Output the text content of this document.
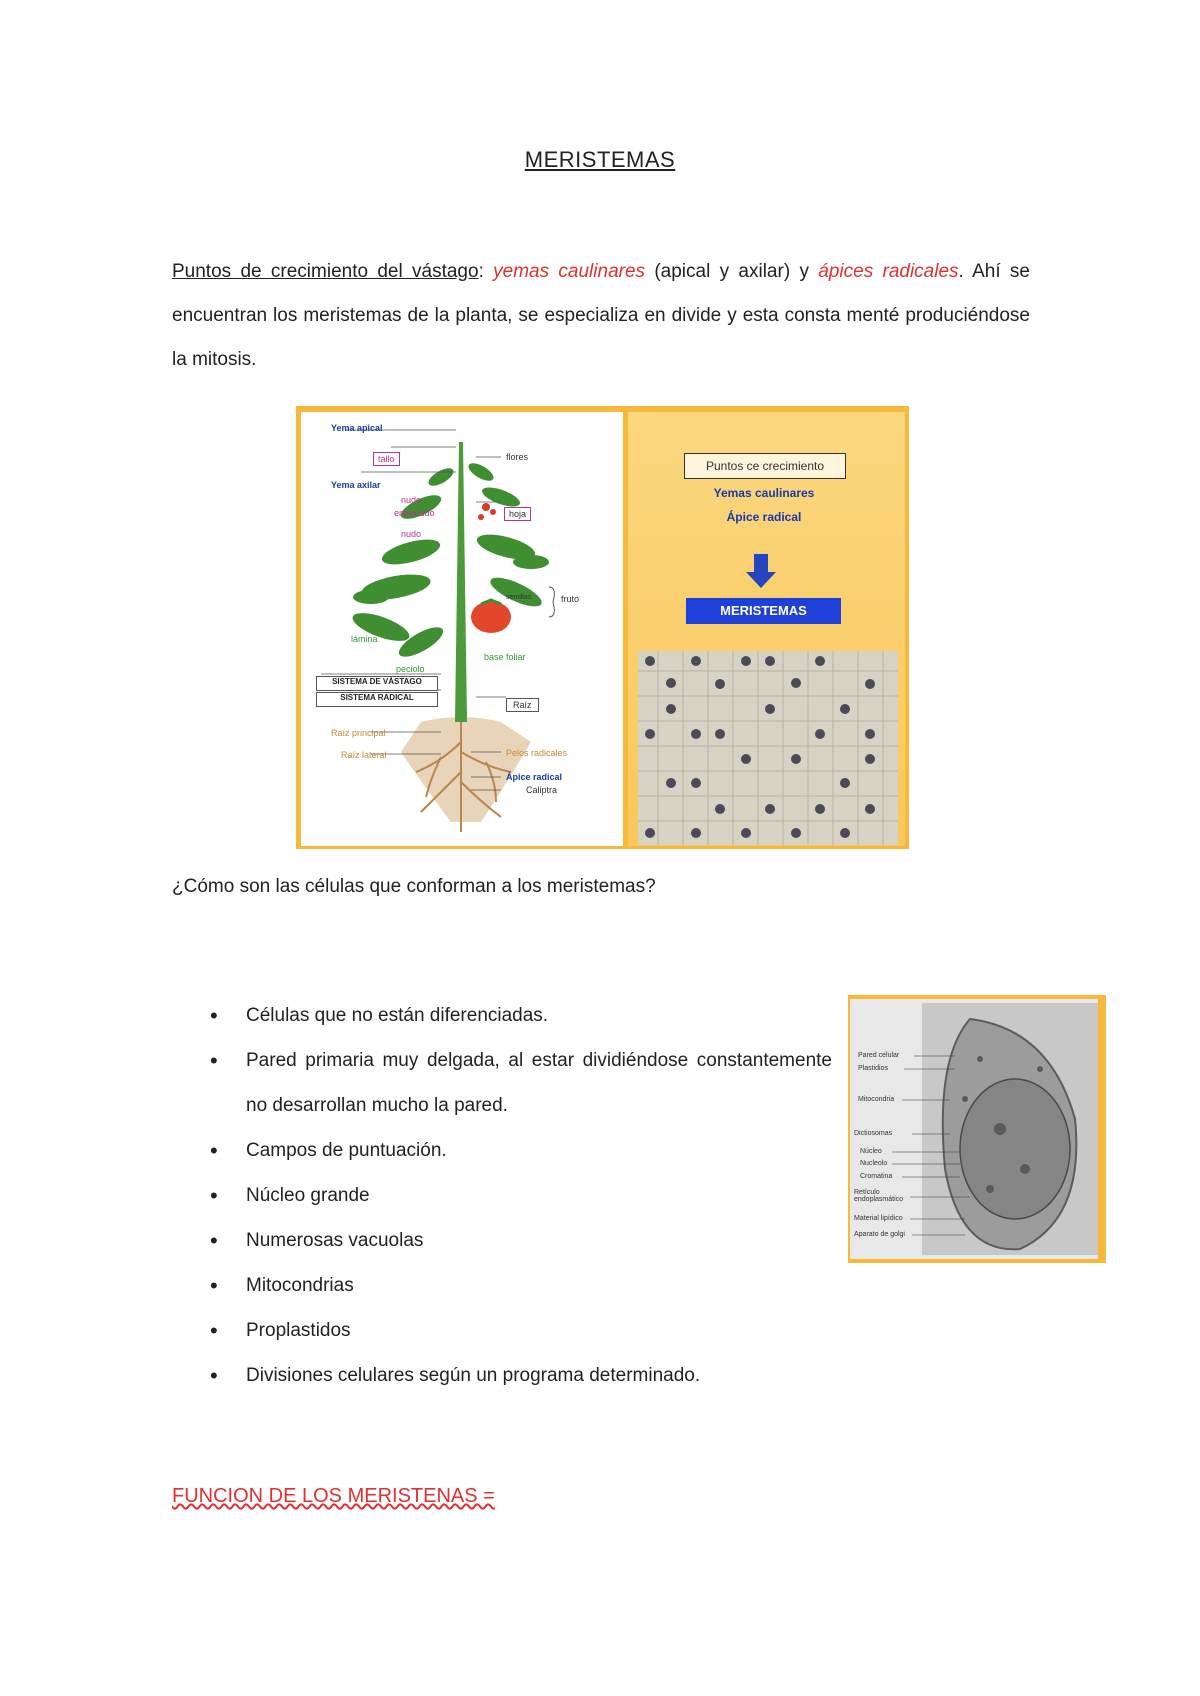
MERISTEMAS

Puntos de crecimiento del vástago: yemas caulinares (apical y axilar) y ápices radicales. Ahí se encuentran los meristemas de la planta, se especializa en divide y esta consta menté produciéndose la mitosis.

Yema apical
tallo	flores
Yema axilar
nudo
entrenudo	hoja
nudo
semillas	fruto
lámina
peciolo
base foliar
SISTEMA DE VÁSTAGO
SISTEMA RADICAL
Raíz
Raíz principal
Raíz lateral	Pelos radicales
Ápice radical
Caliptra
Puntos ce crecimiento
Yemas caulinares
Ápice radical
MERISTEMAS
¿Cómo son las células que conforman a los meristemas?
• Células que no están diferenciadas.
• Pared primaria muy delgada, al estar dividiéndose constantemente no desarrollan mucho la pared.
• Campos de puntuación.
• Núcleo grande
• Numerosas vacuolas
• Mitocondrias
• Proplastidos
• Divisiones celulares según un programa determinado.
Pared celular
Plastidios
Mitocondria
Dictiosomas
Núcleo
Nucleolo
Cromatina
Retículo endoplasmático
Material lipídico
Aparato de golgi
FUNCION DE LOS MERISTENAS =
